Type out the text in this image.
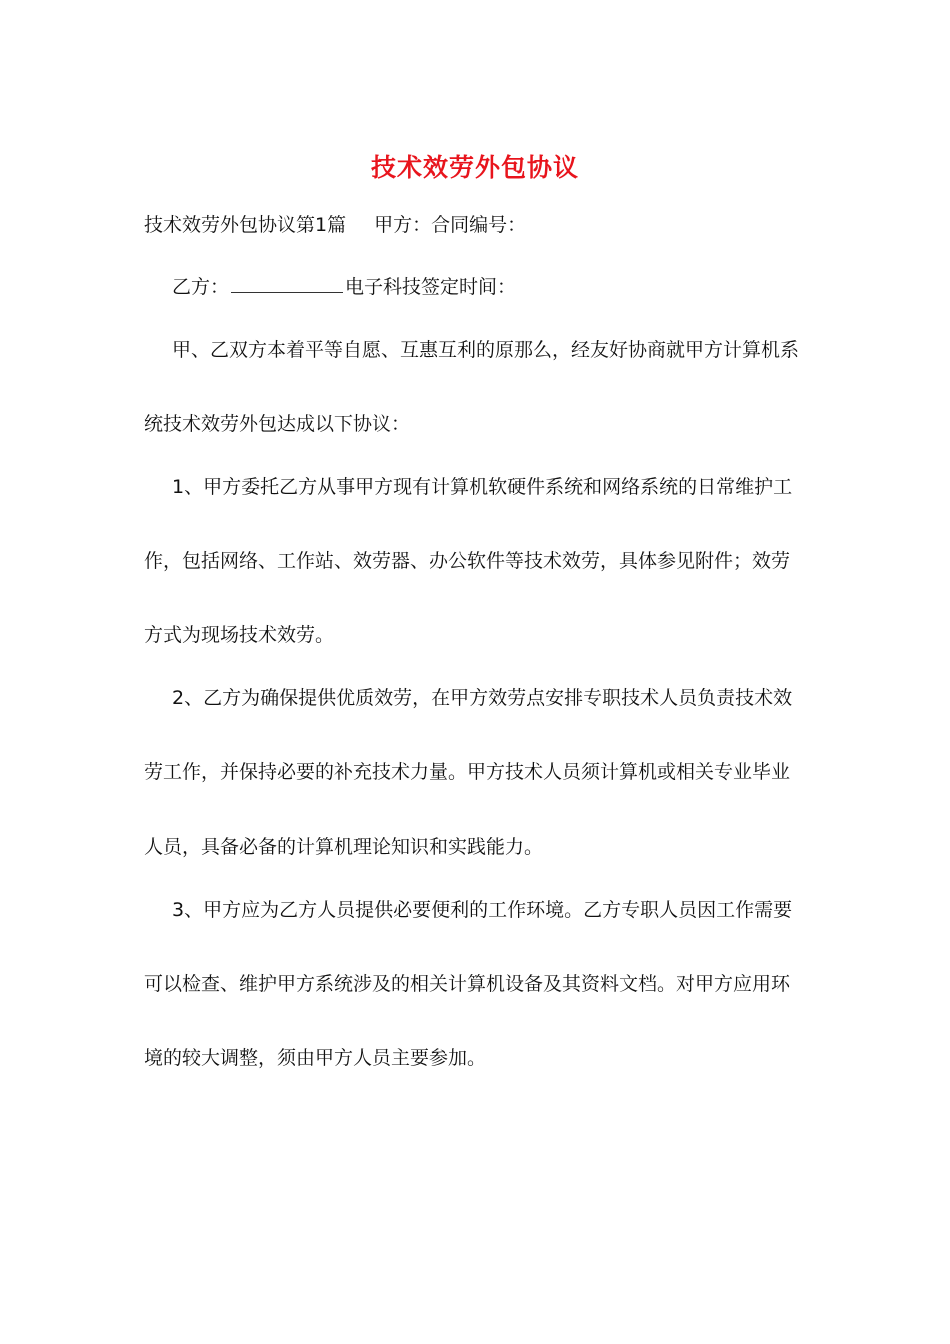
技术效劳外包协议
技术效劳外包协议第1篇 甲方：合同编号：
乙方：	电子科技签定时间：
甲、乙双方本着平等自愿、互惠互利的原那么，经友好协商就甲方计算机系
统技术效劳外包达成以下协议：
1、甲方委托乙方从事甲方现有计算机软硬件系统和网络系统的日常维护工
作，包括网络、工作站、效劳器、办公软件等技术效劳，具体参见附件；效劳
方式为现场技术效劳。
2、乙方为确保提供优质效劳，在甲方效劳点安排专职技术人员负责技术效
劳工作，并保持必要的补充技术力量。甲方技术人员须计算机或相关专业毕业
人员，具备必备的计算机理论知识和实践能力。
3、甲方应为乙方人员提供必要便利的工作环境。乙方专职人员因工作需要
可以检查、维护甲方系统涉及的相关计算机设备及其资料文档。对甲方应用环
境的较大调整，须由甲方人员主要参加。
